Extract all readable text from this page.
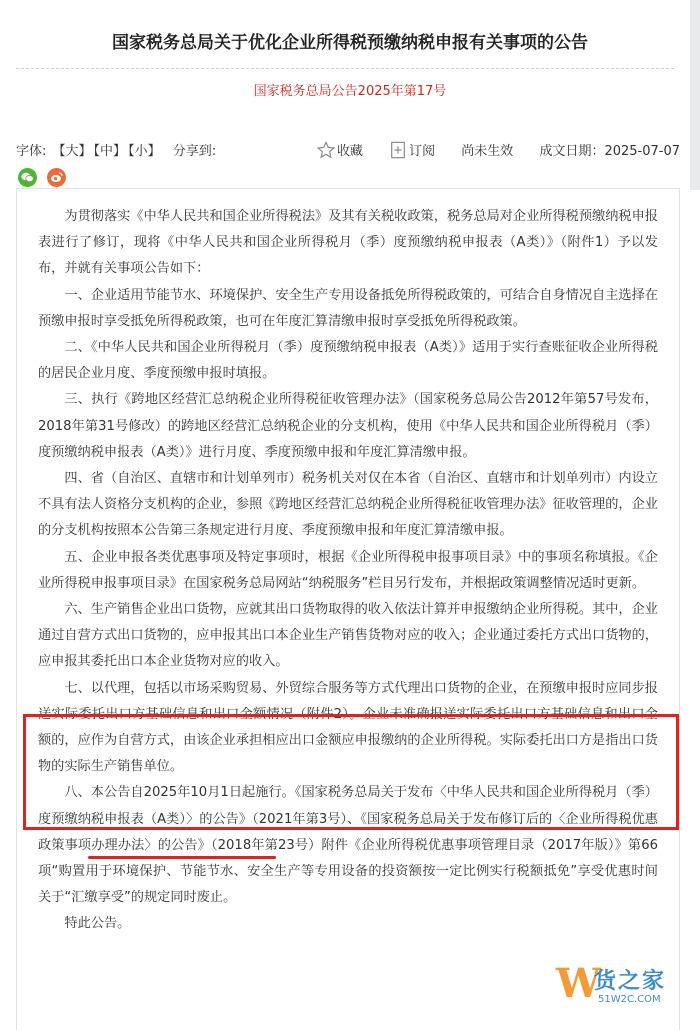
国家税务总局关于优化企业所得税预缴纳税申报有关事项的公告
国家税务总局公告2025年第17号
字体: 【大】 【中】 【小】 分享到:	收藏	订阅 尚未生效 成文日期：2025-07-07

为贯彻落实《中华人民共和国企业所得税法》及其有关税收政策，税务总局对企业所得税预缴纳税申报表进行了修订，现将《中华人民共和国企业所得税月（季）度预缴纳税申报表（A类）》（附件1）予以发布，并就有关事项公告如下：

一、企业适用节能节水、环境保护、安全生产专用设备抵免所得税政策的，可结合自身情况自主选择在预缴申报时享受抵免所得税政策，也可在年度汇算清缴申报时享受抵免所得税政策。

二、《中华人民共和国企业所得税月（季）度预缴纳税申报表（A类）》适用于实行查账征收企业所得税的居民企业月度、季度预缴申报时填报。

三、执行《跨地区经营汇总纳税企业所得税征收管理办法》（国家税务总局公告2012年第57号发布，2018年第31号修改）的跨地区经营汇总纳税企业的分支机构，使用《中华人民共和国企业所得税月（季）度预缴纳税申报表（A类）》进行月度、季度预缴申报和年度汇算清缴申报。

四、省（自治区、直辖市和计划单列市）税务机关对仅在本省（自治区、直辖市和计划单列市）内设立不具有法人资格分支机构的企业，参照《跨地区经营汇总纳税企业所得税征收管理办法》征收管理的，企业的分支机构按照本公告第三条规定进行月度、季度预缴申报和年度汇算清缴申报。

五、企业申报各类优惠事项及特定事项时，根据《企业所得税申报事项目录》中的事项名称填报。《企业所得税申报事项目录》在国家税务总局网站“纳税服务”栏目另行发布，并根据政策调整情况适时更新。

六、生产销售企业出口货物，应就其出口货物取得的收入依法计算并申报缴纳企业所得税。其中，企业通过自营方式出口货物的，应申报其出口本企业生产销售货物对应的收入；企业通过委托方式出口货物的，应申报其委托出口本企业货物对应的收入。

七、以代理，包括以市场采购贸易、外贸综合服务等方式代理出口货物的企业，在预缴申报时应同步报送实际委托出口方基础信息和出口金额情况（附件2）。企业未准确报送实际委托出口方基础信息和出口金额的，应作为自营方式，由该企业承担相应出口金额应申报缴纳的企业所得税。实际委托出口方是指出口货物的实际生产销售单位。

八、本公告自2025年10月1日起施行。《国家税务总局关于发布〈中华人民共和国企业所得税月（季）度预缴纳税申报表（A类）〉的公告》（2021年第3号）、《国家税务总局关于发布修订后的〈企业所得税优惠政策事项办理办法〉的公告》（2018年第23号）附件《企业所得税优惠事项管理目录（2017年版）》第66项“购置用于环境保护、节能节水、安全生产等专用设备的投资额按一定比例实行税额抵免”享受优惠时间关于“汇缴享受”的规定同时废止。

特此公告。

W
货之家
51W2C.COM
